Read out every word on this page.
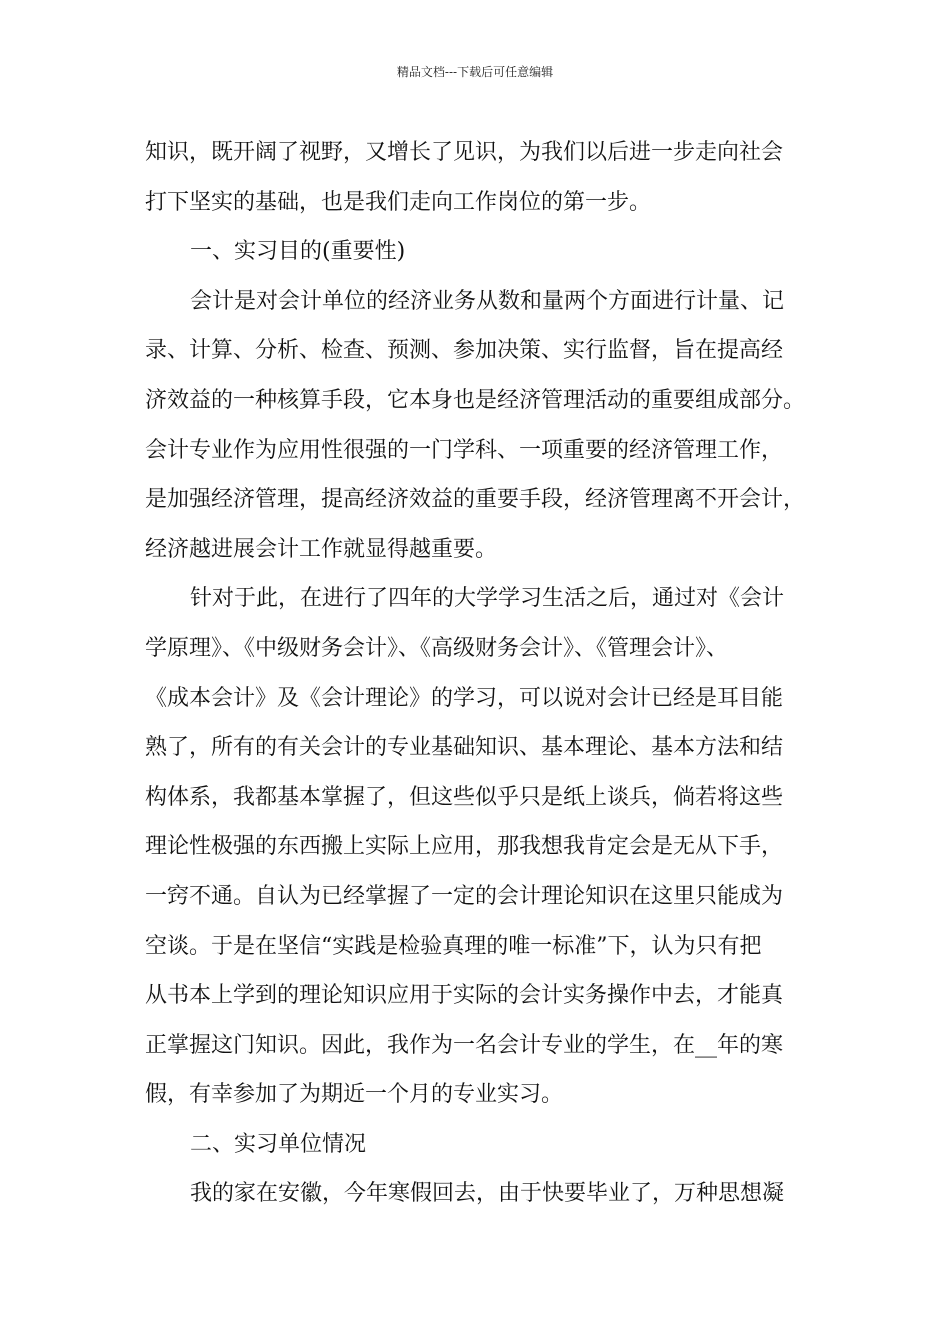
精品文档---下载后可任意编辑
知识，既开阔了视野，又增长了见识，为我们以后进一步走向社会
打下坚实的基础，也是我们走向工作岗位的第一步。
一、实习目的(重要性)
会计是对会计单位的经济业务从数和量两个方面进行计量、记
录、计算、分析、检查、预测、参加决策、实行监督，旨在提高经
济效益的一种核算手段，它本身也是经济管理活动的重要组成部分。
会计专业作为应用性很强的一门学科、一项重要的经济管理工作，
是加强经济管理，提高经济效益的重要手段，经济管理离不开会计，
经济越进展会计工作就显得越重要。
针对于此，在进行了四年的大学学习生活之后，通过对《会计
学原理》、《中级财务会计》、《高级财务会计》、《管理会计》、
《成本会计》及《会计理论》的学习，可以说对会计已经是耳目能
熟了，所有的有关会计的专业基础知识、基本理论、基本方法和结
构体系，我都基本掌握了，但这些似乎只是纸上谈兵，倘若将这些
理论性极强的东西搬上实际上应用，那我想我肯定会是无从下手，
一窍不通。自认为已经掌握了一定的会计理论知识在这里只能成为
空谈。于是在坚信“实践是检验真理的唯一标准”下，认为只有把
从书本上学到的理论知识应用于实际的会计实务操作中去，才能真
正掌握这门知识。因此，我作为一名会计专业的学生，在__年的寒
假，有幸参加了为期近一个月的专业实习。
二、实习单位情况
我的家在安徽，今年寒假回去，由于快要毕业了，万种思想凝
